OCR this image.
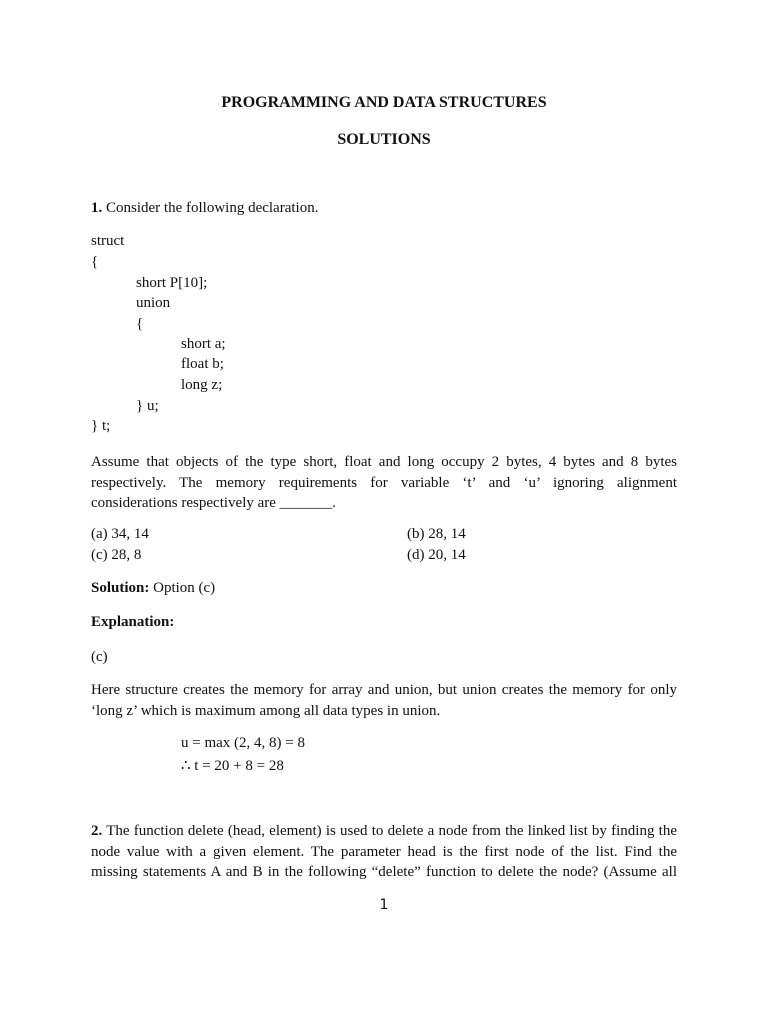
PROGRAMMING AND DATA STRUCTURES
SOLUTIONS
1. Consider the following declaration.
struct
{
short P[10];
union
{
short a;
float b;
long z;
} u;
} t;
Assume that objects of the type short, float and long occupy 2 bytes, 4 bytes and 8 bytes
respectively. The memory requirements for variable ‘t’ and ‘u’ ignoring alignment
considerations respectively are _______.
(a) 34, 14	(b) 28, 14
(c) 28, 8	(d) 20, 14
Solution: Option (c)
Explanation:
(c)
Here structure creates the memory for array and union, but union creates the memory for only
‘long z’ which is maximum among all data types in union.
u = max (2, 4, 8) = 8
∴ t = 20 + 8 = 28
2. The function delete (head, element) is used to delete a node from the linked list by finding the
node value with a given element. The parameter head is the first node of the list. Find the
missing statements A and B in the following “delete” function to delete the node? (Assume all
1
